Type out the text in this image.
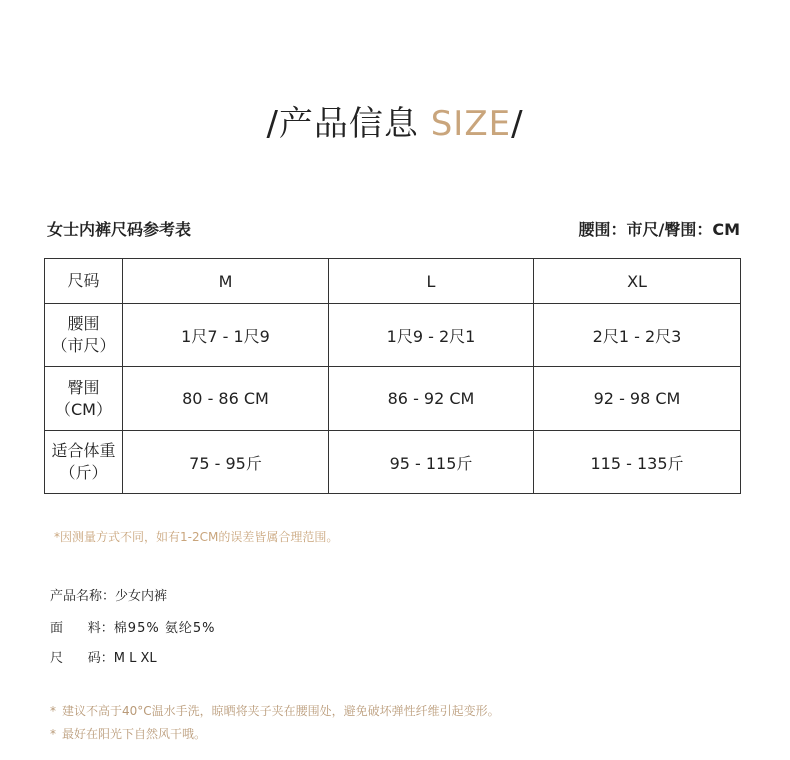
/产品信息 SIZE/
女士内裤尺码参考表	腰围：市尺/臀围：CM
尺码	M	L	XL

腰围
（市尺）	1尺7 - 1尺9	1尺9 - 2尺1	2尺1 - 2尺3

臀围
（CM）	80 - 86 CM	86 - 92 CM	92 - 98 CM

适合体重
（斤）	75 - 95斤	95 - 115斤	115 - 135斤
*因测量方式不同，如有1-2CM的误差皆属合理范围。
产品名称：少女内裤
面      料：棉95% 氨纶5%
尺      码：M L XL
* 建议不高于40°C温水手洗，晾晒将夹子夹在腰围处，避免破坏弹性纤维引起变形。
* 最好在阳光下自然风干哦。
